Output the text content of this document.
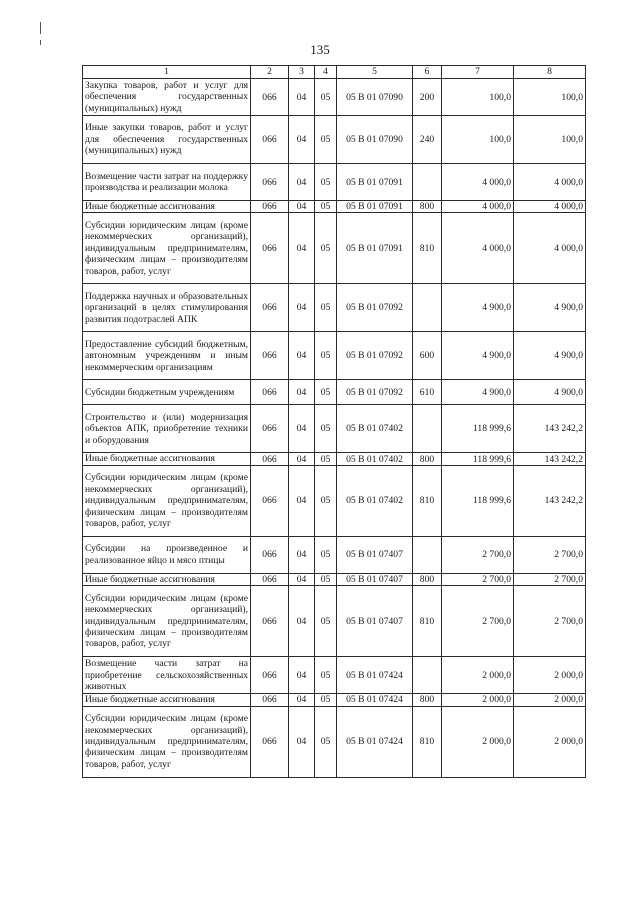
135
1	2	3	4	5	6	7	8
Закупка товаров, работ и услуг для обеспечения государственных (муниципальных) нужд	066	04	05	05 В 01 07090	200	100,0	100,0
Иные закупки товаров, работ и услуг для обеспечения государственных (муниципальных) нужд	066	04	05	05 В 01 07090	240	100,0	100,0
Возмещение части затрат на поддержку производства и реализации молока	066	04	05	05 В 01 07091		4 000,0	4 000,0
Иные бюджетные ассигнования	066	04	05	05 В 01 07091	800	4 000,0	4 000,0
Субсидии юридическим лицам (кроме некоммерческих организаций), индивидуальным предпринимателям, физическим лицам – производителям товаров, работ, услуг	066	04	05	05 В 01 07091	810	4 000,0	4 000,0
Поддержка научных и образовательных организаций в целях стимулирования развития подотраслей АПК	066	04	05	05 В 01 07092		4 900,0	4 900,0
Предоставление субсидий бюджетным, автономным учреждениям и иным некоммерческим организациям	066	04	05	05 В 01 07092	600	4 900,0	4 900,0
Субсидии бюджетным учреждениям	066	04	05	05 В 01 07092	610	4 900,0	4 900,0
Строительство и (или) модернизация объектов АПК, приобретение техники и оборудования	066	04	05	05 В 01 07402		118 999,6	143 242,2
Иные бюджетные ассигнования	066	04	05	05 В 01 07402	800	118 999,6	143 242,2
Субсидии юридическим лицам (кроме некоммерческих организаций), индивидуальным предпринимателям, физическим лицам – производителям товаров, работ, услуг	066	04	05	05 В 01 07402	810	118 999,6	143 242,2
Субсидии на произведенное и реализованное яйцо и мясо птицы	066	04	05	05 В 01 07407		2 700,0	2 700,0
Иные бюджетные ассигнования	066	04	05	05 В 01 07407	800	2 700,0	2 700,0
Субсидии юридическим лицам (кроме некоммерческих организаций), индивидуальным предпринимателям, физическим лицам – производителям товаров, работ, услуг	066	04	05	05 В 01 07407	810	2 700,0	2 700,0
Возмещение части затрат на приобретение сельскохозяйственных животных	066	04	05	05 В 01 07424		2 000,0	2 000,0
Иные бюджетные ассигнования	066	04	05	05 В 01 07424	800	2 000,0	2 000,0
Субсидии юридическим лицам (кроме некоммерческих организаций), индивидуальным предпринимателям, физическим лицам – производителям товаров, работ, услуг	066	04	05	05 В 01 07424	810	2 000,0	2 000,0
